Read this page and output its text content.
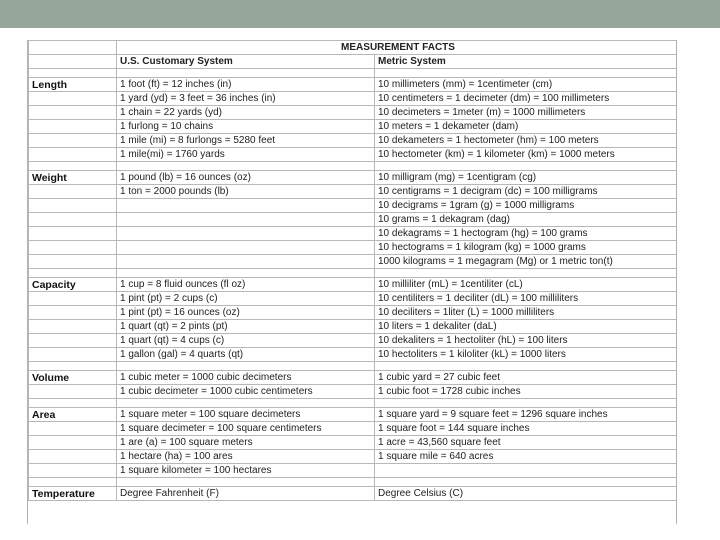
	MEASUREMENT FACTS	
	U.S. Customary System	Metric System

Length	1 foot (ft) = 12 inches (in)	10 millimeters (mm) = 1centimeter (cm)
	1 yard (yd) = 3 feet = 36 inches (in)	10 centimeters = 1 decimeter (dm) = 100 millimeters
	1 chain = 22 yards (yd)	10 decimeters = 1meter (m) = 1000 millimeters
	1 furlong = 10 chains	10 meters = 1 dekameter (dam)
	1 mile (mi) = 8 furlongs = 5280 feet	10 dekameters = 1 hectometer (hm) = 100 meters
	1 mile(mi) = 1760 yards	10 hectometer (km) = 1 kilometer (km) = 1000 meters

Weight	1 pound (lb) = 16 ounces (oz)	10 milligram (mg) = 1centigram (cg)
	1 ton = 2000 pounds (lb)	10 centigrams = 1 decigram (dc) = 100 milligrams
		10 decigrams = 1gram (g) = 1000 milligrams
		10 grams = 1 dekagram (dag)
		10 dekagrams = 1 hectogram (hg) = 100 grams
		10 hectograms = 1 kilogram (kg) = 1000 grams
		1000 kilograms = 1 megagram (Mg) or 1 metric ton(t)

Capacity	1 cup = 8 fluid ounces (fl oz)	10 milliliter (mL) = 1centiliter (cL)
	1 pint (pt) = 2 cups (c)	10 centiliters = 1 deciliter (dL) = 100 milliliters
	1 pint (pt) = 16 ounces (oz)	10 deciliters = 1liter (L) = 1000 milliliters
	1 quart (qt) = 2 pints (pt)	10 liters = 1 dekaliter (daL)
	1 quart (qt) = 4 cups (c)	10 dekaliters = 1 hectoliter (hL) = 100 liters
	1 gallon (gal) = 4 quarts (qt)	10 hectoliters = 1 kiloliter (kL) = 1000 liters

Volume	1 cubic meter = 1000 cubic decimeters	1 cubic yard = 27 cubic feet
	1 cubic decimeter = 1000 cubic centimeters	1 cubic foot = 1728 cubic inches

Area	1 square meter = 100 square decimeters	1 square yard = 9 square feet = 1296 square inches
	1 square decimeter = 100 square centimeters	1 square foot = 144 square inches
	1 are (a) = 100 square meters	1 acre = 43,560 square feet
	1 hectare (ha) = 100 ares	1 square mile = 640 acres
	1 square kilometer = 100 hectares	

Temperature	Degree Fahrenheit (F)	Degree Celsius (C)
